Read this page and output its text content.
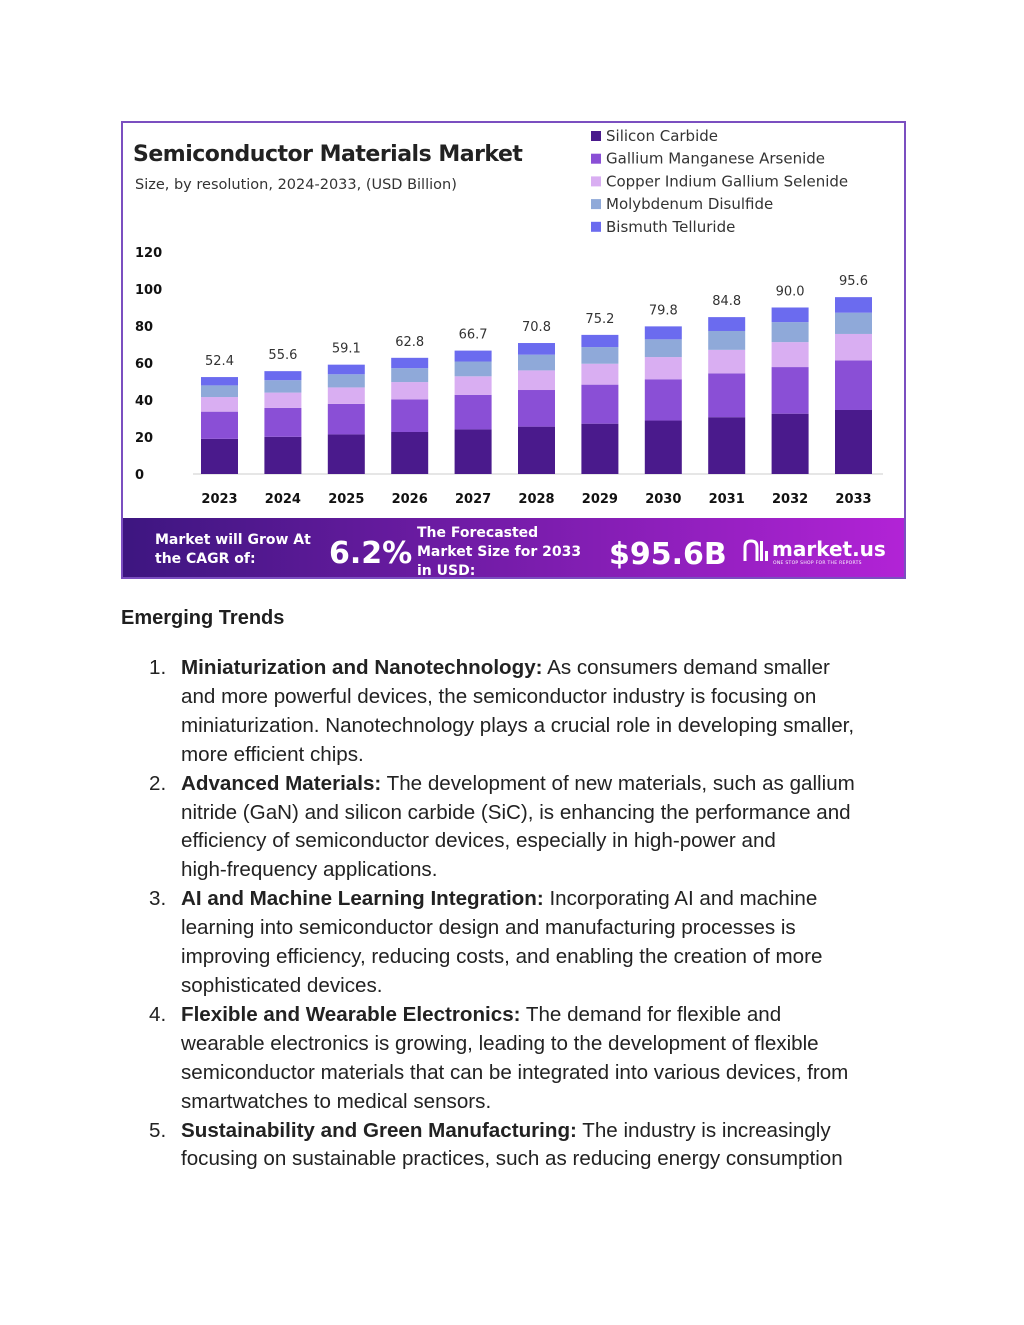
Semiconductor Materials Market
Size, by resolution, 2024-2033, (USD Billion)
Silicon Carbide
Gallium Manganese Arsenide
Copper Indium Gallium Selenide
Molybdenum Disulfide
Bismuth Telluride
0
20
40
60
80
100
120
52.4	55.6	59.1	62.8	66.7
70.8
75.2
79.8
84.8
90.0
95.6
2023 2024 2025 2026 2027 2028 2029 2030 2031 2032 2033
Market will Grow At
the CAGR of: 6.2%
The Forecasted
Market Size for 2033
in USD:	$95.6B market.us
ONE STOP SHOP FOR THE REPORTS
Emerging Trends
1. Miniaturization and Nanotechnology: As consumers demand smaller
and more powerful devices, the semiconductor industry is focusing on
miniaturization. Nanotechnology plays a crucial role in developing smaller,
more efficient chips.
2. Advanced Materials: The development of new materials, such as gallium
nitride (GaN) and silicon carbide (SiC), is enhancing the performance and
efficiency of semiconductor devices, especially in high-power and
high-frequency applications.
3. AI and Machine Learning Integration: Incorporating AI and machine
learning into semiconductor design and manufacturing processes is
improving efficiency, reducing costs, and enabling the creation of more
sophisticated devices.
4. Flexible and Wearable Electronics: The demand for flexible and
wearable electronics is growing, leading to the development of flexible
semiconductor materials that can be integrated into various devices, from
smartwatches to medical sensors.
5. Sustainability and Green Manufacturing: The industry is increasingly
focusing on sustainable practices, such as reducing energy consumption
